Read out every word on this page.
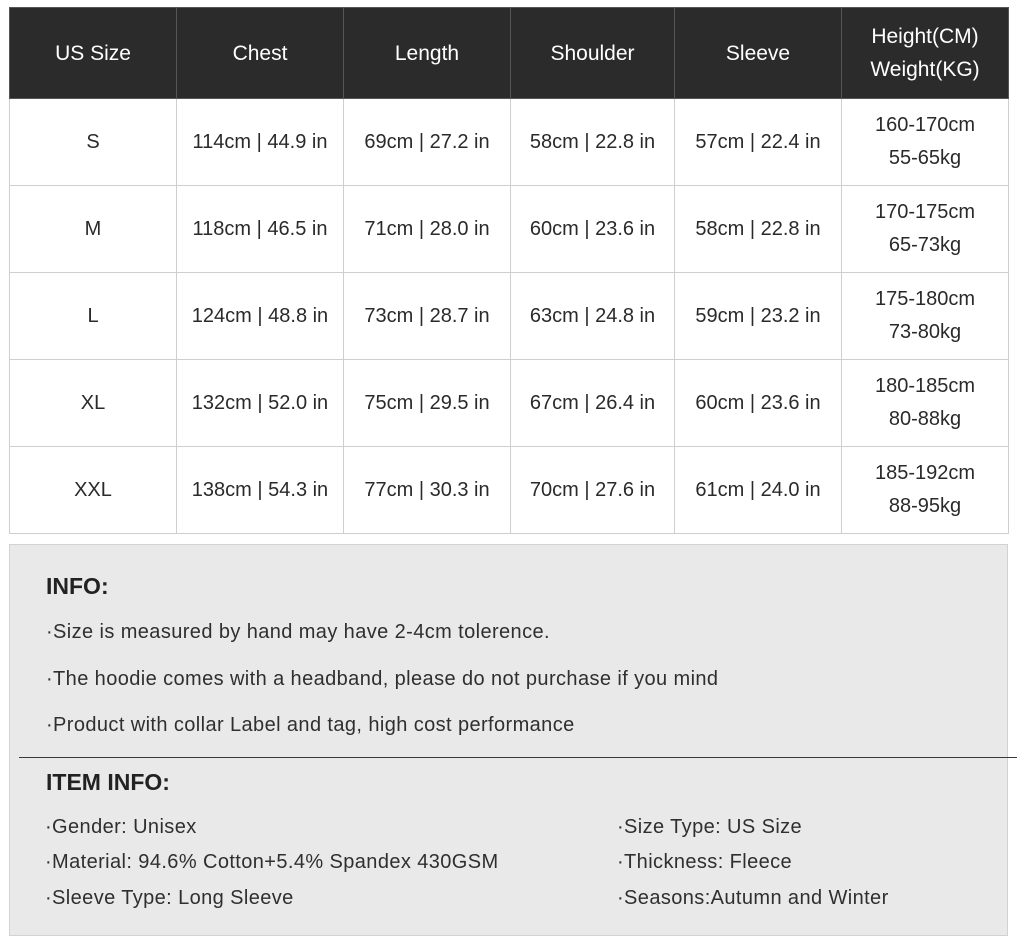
US Size	Chest	Length	Shoulder	Sleeve	Height(CM)
Weight(KG)

S	114cm | 44.9 in	69cm | 27.2 in	58cm | 22.8 in	57cm | 22.4 in	160-170cm
55-65kg

M	118cm | 46.5 in	71cm | 28.0 in	60cm | 23.6 in	58cm | 22.8 in	170-175cm
65-73kg

L	124cm | 48.8 in	73cm | 28.7 in	63cm | 24.8 in	59cm | 23.2 in	175-180cm
73-80kg

XL	132cm | 52.0 in	75cm | 29.5 in	67cm | 26.4 in	60cm | 23.6 in	180-185cm
80-88kg

XXL	138cm | 54.3 in	77cm | 30.3 in	70cm | 27.6 in	61cm | 24.0 in	185-192cm
88-95kg
INFO:
·Size is measured by hand may have 2-4cm tolerence.
·The hoodie comes with a headband, please do not purchase if you mind
·Product with collar Label and tag, high cost performance
ITEM INFO:
·Gender: Unisex
·Material: 94.6% Cotton+5.4% Spandex 430GSM
·Sleeve Type: Long Sleeve
·Size Type: US Size
·Thickness: Fleece
·Seasons:Autumn and Winter
